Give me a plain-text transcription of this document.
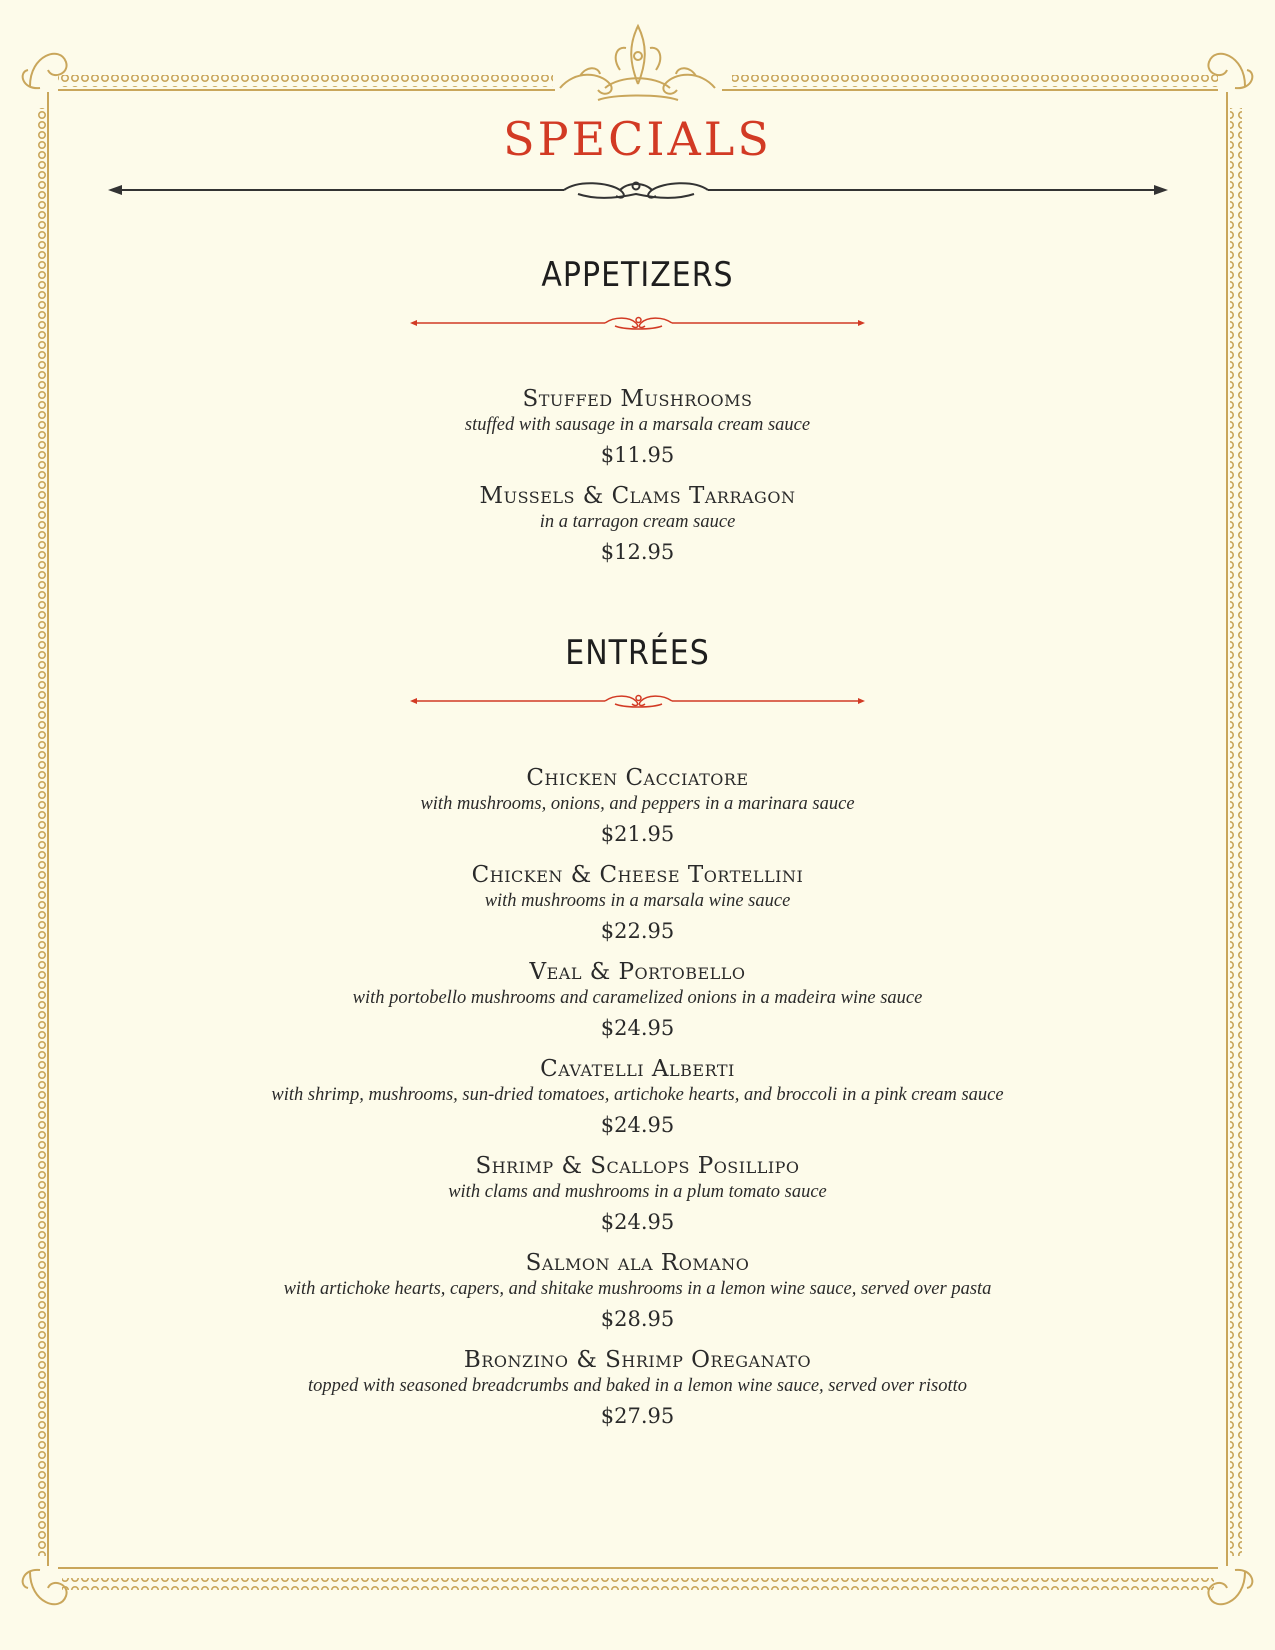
SPECIALS
APPETIZERS
Stuffed Mushrooms
stuffed with sausage in a marsala cream sauce
$11.95
Mussels & Clams Tarragon
in a tarragon cream sauce
$12.95
ENTRÉES
Chicken Cacciatore
with mushrooms, onions, and peppers in a marinara sauce
$21.95
Chicken & Cheese Tortellini
with mushrooms in a marsala wine sauce
$22.95
Veal & Portobello
with portobello mushrooms and caramelized onions in a madeira wine sauce
$24.95
Cavatelli Alberti
with shrimp, mushrooms, sun-dried tomatoes, artichoke hearts, and broccoli in a pink cream sauce
$24.95
Shrimp & Scallops Posillipo
with clams and mushrooms in a plum tomato sauce
$24.95
Salmon ala Romano
with artichoke hearts, capers, and shitake mushrooms in a lemon wine sauce, served over pasta
$28.95
Bronzino & Shrimp Oreganato
topped with seasoned breadcrumbs and baked in a lemon wine sauce, served over risotto
$27.95
